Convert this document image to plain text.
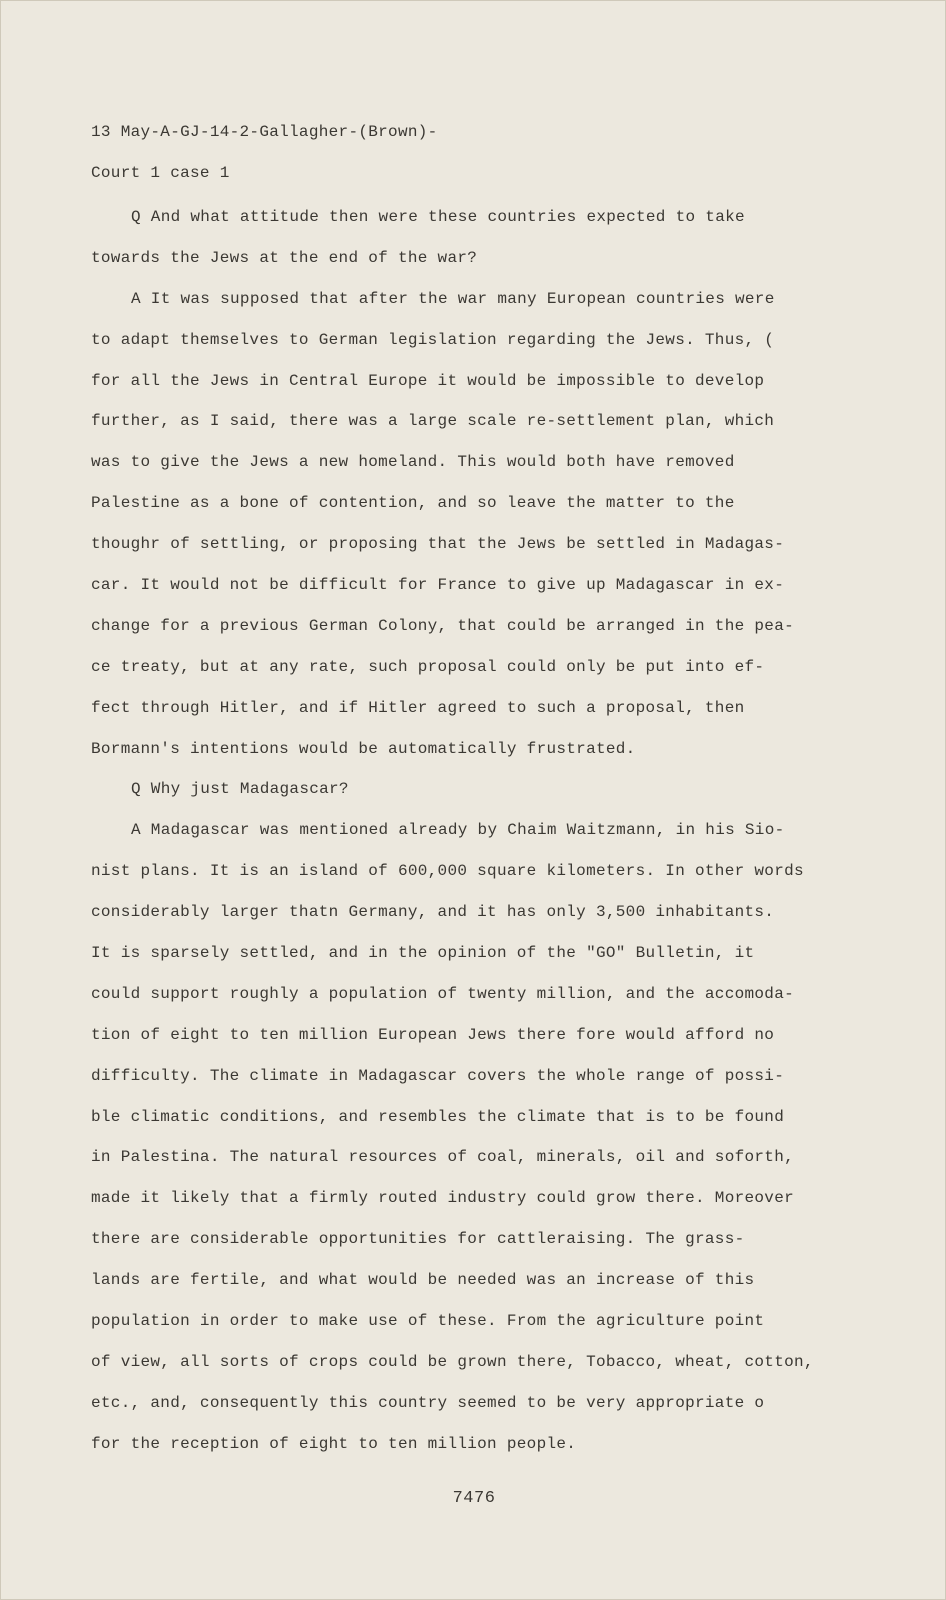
13 May-A-GJ-14-2-Gallagher-(Brown)-
Court 1 case 1
Q And what attitude then were these countries expected to take
towards the Jews at the end of the war?
A It was supposed that after the war many European countries were
to adapt themselves to German legislation regarding the Jews. Thus, (
for all the Jews in Central Europe it would be impossible to develop
further, as I said, there was a large scale re-settlement plan, which
was to give the Jews a new homeland. This would both have removed
Palestine as a bone of contention, and so leave the matter to the
thoughr of settling, or proposing that the Jews be settled in Madagas-
car. It would not be difficult for France to give up Madagascar in ex-
change for a previous German Colony, that could be arranged in the pea-
ce treaty, but at any rate, such proposal could only be put into ef-
fect through Hitler, and if Hitler agreed to such a proposal, then
Bormann's intentions would be automatically frustrated.
Q Why just Madagascar?
A Madagascar was mentioned already by Chaim Waitzmann, in his Sio-
nist plans. It is an island of 600,000 square kilometers. In other words
considerably larger thatn Germany, and it has only 3,500 inhabitants.
It is sparsely settled, and in the opinion of the "GO" Bulletin, it
could support roughly a population of twenty million, and the accomoda-
tion of eight to ten million European Jews there fore would afford no
difficulty. The climate in Madagascar covers the whole range of possi-
ble climatic conditions, and resembles the climate that is to be found
in Palestina. The natural resources of coal, minerals, oil and soforth,
made it likely that a firmly routed industry could grow there. Moreover
there are considerable opportunities for cattleraising. The grass-
lands are fertile, and what would be needed was an increase of this
population in order to make use of these. From the agriculture point
of view, all sorts of crops could be grown there, Tobacco, wheat, cotton,
etc., and, consequently this country seemed to be very appropriate o
for the reception of eight to ten million people.
7476
